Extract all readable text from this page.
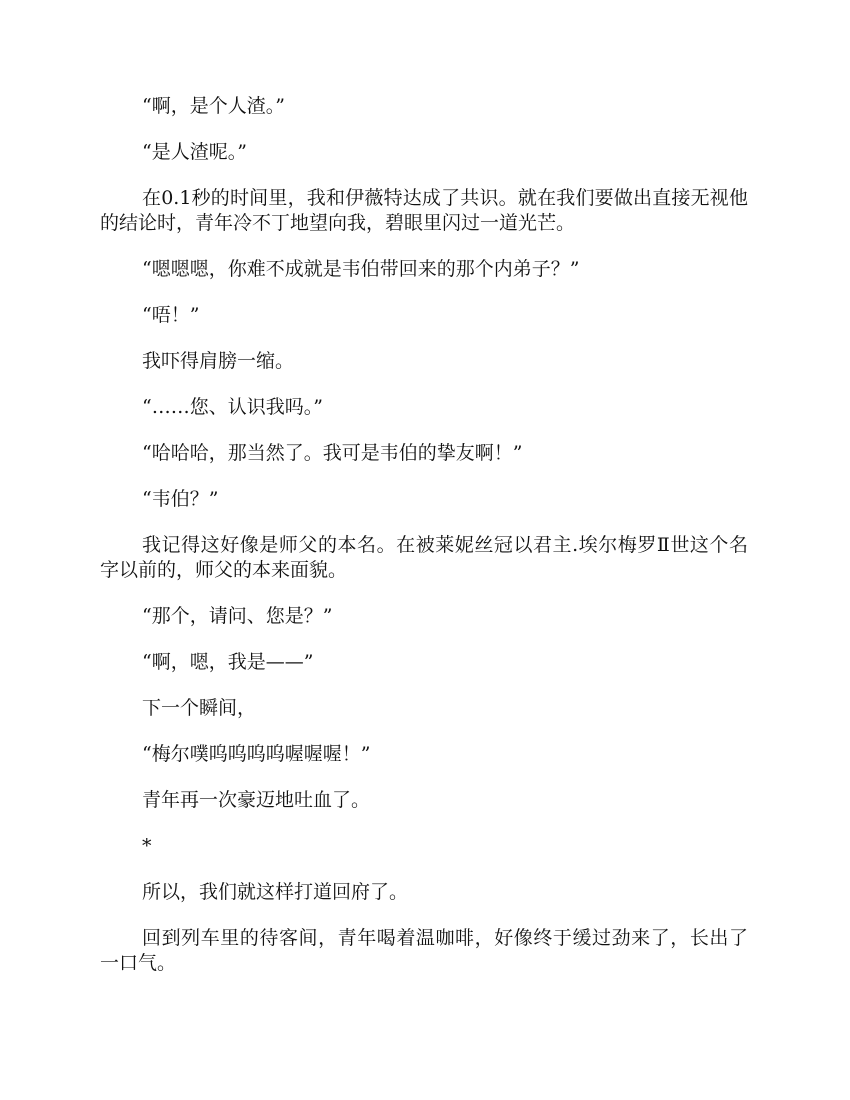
“啊，是个人渣。”

“是人渣呢。”

在0.1秒的时间里，我和伊薇特达成了共识。就在我们要做出直接无视他的结论时，青年冷不丁地望向我，碧眼里闪过一道光芒。

“嗯嗯嗯，你难不成就是韦伯带回来的那个内弟子？”

“唔！”

我吓得肩膀一缩。

“……您、认识我吗。”

“哈哈哈，那当然了。我可是韦伯的挚友啊！”

“韦伯？”

我记得这好像是师父的本名。在被莱妮丝冠以君主.埃尔梅罗Ⅱ世这个名字以前的，师父的本来面貌。

“那个，请问、您是？”

“啊，嗯，我是——”

下一个瞬间，

“梅尔噗呜呜呜呜喔喔喔！”

青年再一次豪迈地吐血了。

*

所以，我们就这样打道回府了。

回到列车里的待客间，青年喝着温咖啡，好像终于缓过劲来了，长出了一口气。
